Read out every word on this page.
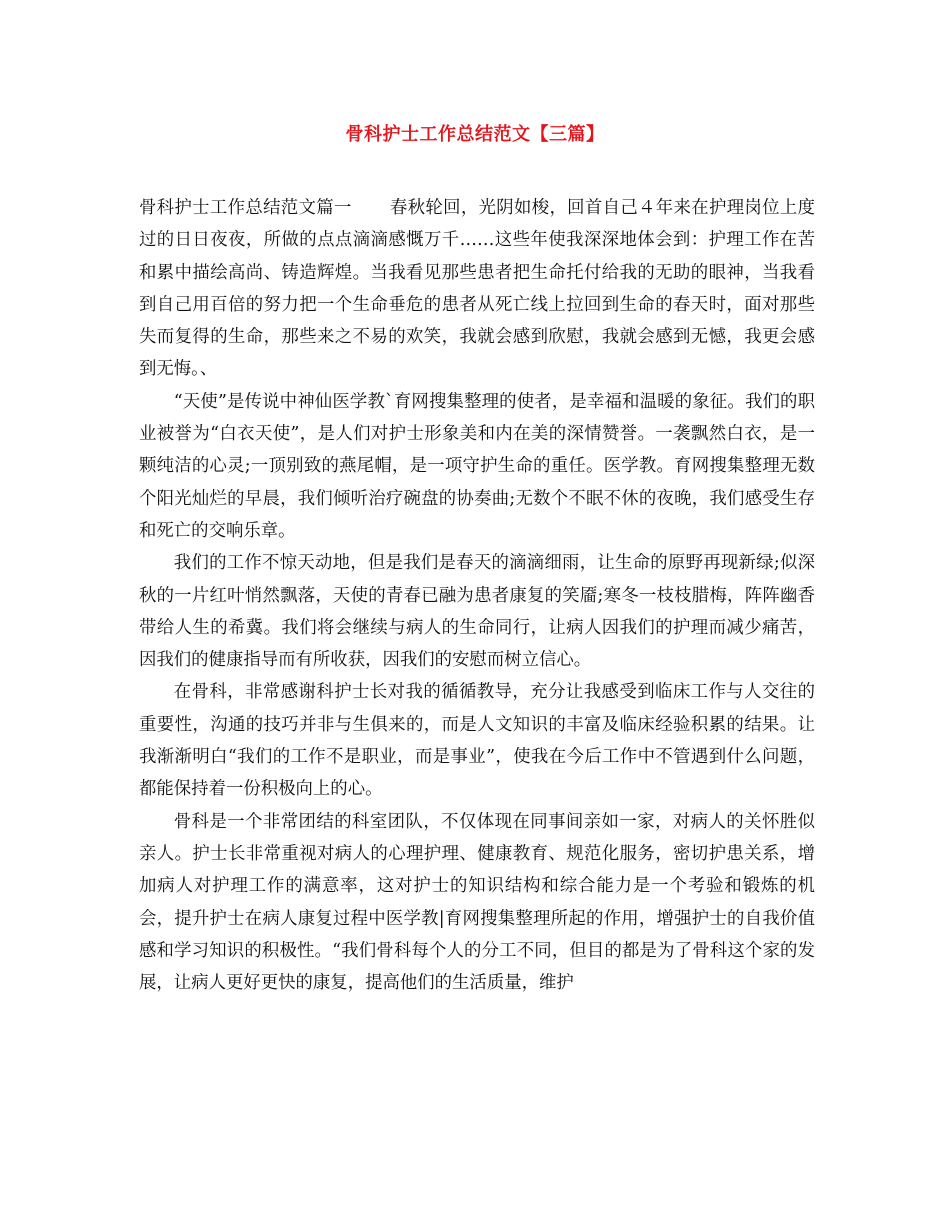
骨科护士工作总结范文【三篇】

骨科护士工作总结范文篇一 春秋轮回，光阴如梭，回首自己４年来在护理岗位上度过的日日夜夜，所做的点点滴滴感慨万千……这些年使我深深地体会到：护理工作在苦和累中描绘高尚、铸造辉煌。当我看见那些患者把生命托付给我的无助的眼神，当我看到自己用百倍的努力把一个生命垂危的患者从死亡线上拉回到生命的春天时，面对那些失而复得的生命，那些来之不易的欢笑，我就会感到欣慰，我就会感到无憾，我更会感到无悔。、

“天使”是传说中神仙医学教`育网搜集整理的使者，是幸福和温暖的象征。我们的职业被誉为“白衣天使”，是人们对护士形象美和内在美的深情赞誉。一袭飘然白衣，是一颗纯洁的心灵;一顶别致的燕尾帽，是一项守护生命的重任。医学教。育网搜集整理无数个阳光灿烂的早晨，我们倾听治疗碗盘的协奏曲;无数个不眠不休的夜晚，我们感受生存和死亡的交响乐章。

我们的工作不惊天动地，但是我们是春天的滴滴细雨，让生命的原野再现新绿;似深秋的一片红叶悄然飘落，天使的青春已融为患者康复的笑靥;寒冬一枝枝腊梅，阵阵幽香带给人生的希冀。我们将会继续与病人的生命同行，让病人因我们的护理而减少痛苦，因我们的健康指导而有所收获，因我们的安慰而树立信心。

在骨科，非常感谢科护士长对我的循循教导，充分让我感受到临床工作与人交往的重要性，沟通的技巧并非与生俱来的，而是人文知识的丰富及临床经验积累的结果。让我渐渐明白“我们的工作不是职业，而是事业”，使我在今后工作中不管遇到什么问题，都能保持着一份积极向上的心。

骨科是一个非常团结的科室团队，不仅体现在同事间亲如一家，对病人的关怀胜似亲人。护士长非常重视对病人的心理护理、健康教育、规范化服务，密切护患关系，增加病人对护理工作的满意率，这对护士的知识结构和综合能力是一个考验和锻炼的机会，提升护士在病人康复过程中医学教|育网搜集整理所起的作用，增强护士的自我价值感和学习知识的积极性。“我们骨科每个人的分工不同，但目的都是为了骨科这个家的发展，让病人更好更快的康复，提高他们的生活质量，维护
